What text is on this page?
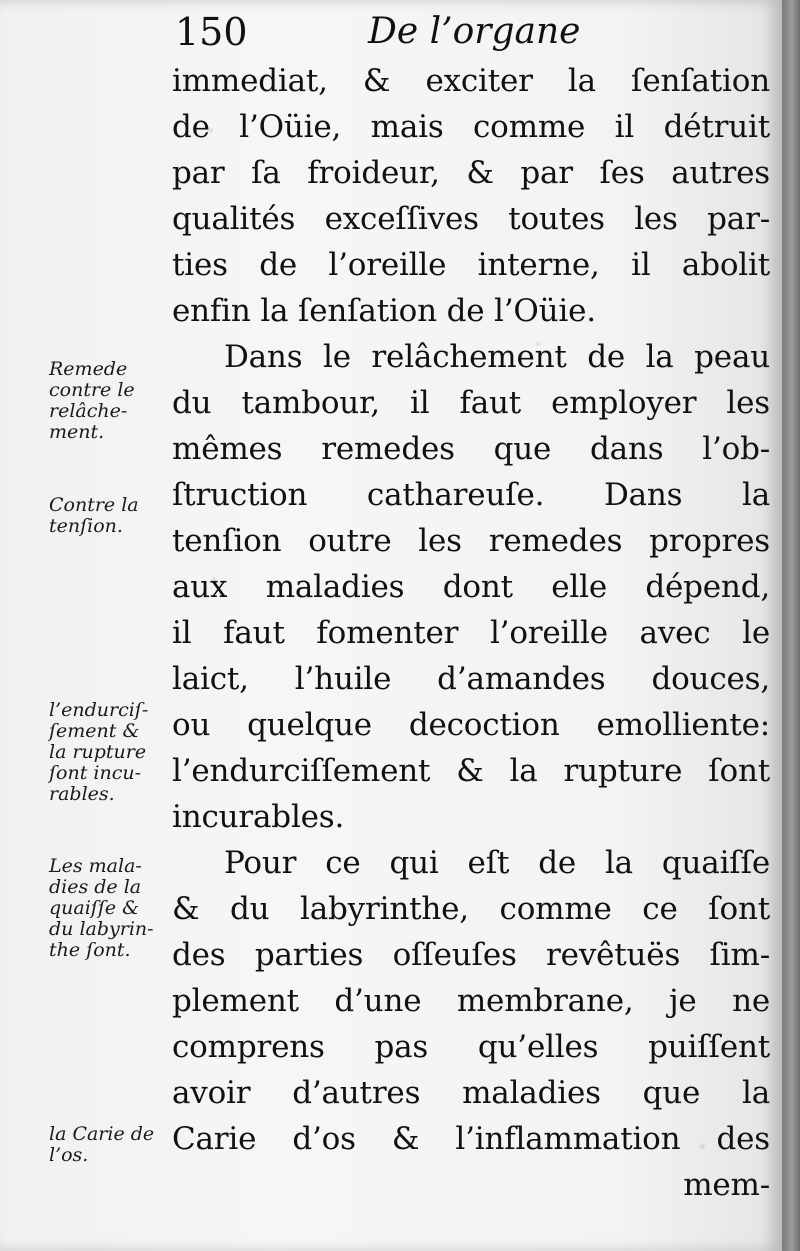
150	De l’organe
Remede
contre le
relâche-
ment.
Contre la
tenſion.
l’endurciſ-
ſement &
la rupture
ſont incu-
rables.
Les mala-
dies de la
quaiſſe &
du labyrin-
the ſont.
la Carie de
l’os.
immediat, & exciter la ſenſation
de l’Oüie, mais comme il détruit
par ſa froideur, & par ſes autres
qualités exceſſives toutes les par-
ties de l’oreille interne, il abolit
enfin la ſenſation de l’Oüie.
Dans le relâchement de la peau
du tambour, il faut employer les
mêmes remedes que dans l’ob-
ſtruction cathareuſe. Dans la
tenſion outre les remedes propres
aux maladies dont elle dépend,
il faut fomenter l’oreille avec le
laict, l’huile d’amandes douces,
ou quelque decoction emolliente:
l’endurciſſement & la rupture ſont
incurables.
Pour ce qui eſt de la quaiſſe
& du labyrinthe, comme ce ſont
des parties oſſeuſes revêtuës ſim-
plement d’une membrane, je ne
comprens pas qu’elles puiſſent
avoir d’autres maladies que la
Carie d’os & l’inflammation des
mem-
